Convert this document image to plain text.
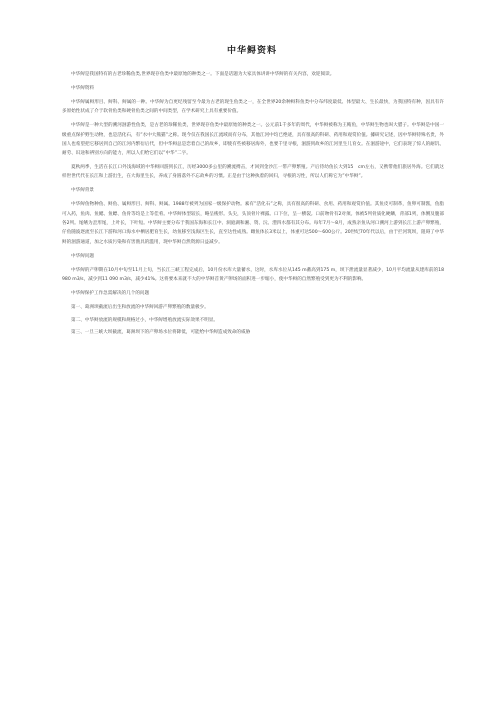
中华鲟资料

中华鲟是我国特有的古老珍稀鱼类,世界现存鱼类中最原始的种类之一。下面是话题为大家具体讲讲中华鲟的有关内容，欢迎阅读。

中华鲟资料

中华鲟属鲟形目、鲟科、鲟属的一种。中华鲟为自更纪残留至今最为古老的现生鱼类之一，在全世界20余种鲟科鱼类中分布纬度最低、体型最大、生长最快，为我国特有种，因具有许多原始性状成了介于软骨鱼类和硬骨鱼类之间的中间类型，在学术研究上具有重要价值。

中华鲟是一种大型的溯河洄游性鱼类，是古老的珍稀鱼类，世界现存鱼类中最原始的种类之一。公元前1千多年的周代，中华鲟被称为王鲔鱼，中华鲟生物也叫大腊子。中华鲟是中国一级重点保护野生动物，也是活化石，有”水中大熊猫”之称。现今仅在我国长江流域而有分布，其他江河中均已绝迹，具有很高的科研、药用和观赏价值。據研究记述，因中华鲟特殊名贵，外国人也希望把它移居到自己的江河内繁衍后代，但中华鲟总是恋着自己的故乡，即使有些被移居海外，也要千里寻根，洄游到故乡的江河里生儿育女。在洄游途中，它们表现了惊人的耐饥、耐劳、识途和辨别方向的能力，所以人们给它们以”中华”二字。

夏秋两季，生活在长江口外浅海域的中华鲟回游到长江，历经3000多公里的溯流搏击，才回到金沙江一带产卵繁殖。产后待幼鱼长大到15　cm左右，又携带他们旅居外海。它们就这样世世代代在长江和上游出生，在大海里生长，养成了身圆落外不忘故乡的习惯。正是由于这种执着的回归，寻根的习性，所以人们称它为”中华鲟”。

中华鲟背景

中华鲟鱼物种鱼、鲟鱼、属鲟形目、鲟科、鲟属。1988年被列为国家一级保护动物。素有”活化石”之称，具有很高的科研、食用、药用和观赏价值。其鱼皮可制革，鱼卵可制酱，鱼脂可入药，鱼肉、鱼鳃、鱼鳔、鱼骨等均是上等佳肴。中华鲟体型较长，略呈梭形。头尖，头顶骨片裸露。口下位，呈一横裂。口前吻骨有2对须。体被5列骨质化硬鳞，背部1列，体侧及腹部各2列。尾鳍为歪形尾，上叶长，下叶短。中华鲟主要分布于我国东海和长江中、洞庭湖和湘、资、沅、澧四水都有其分布。每年7月～8月，成熟亲鱼从河口溯河上游到长江上游产卵繁殖，仔鱼随波逐流至长江下游和河口海水中栖居肥育生长，幼鱼移至浅海区生长，直至达性成熟。雌鱼体长3米以上，体重可达500～600公斤。20世纪70年代以后，由于拦河筑坝，阻碍了中华鲟的洄游通道，加之水质污染和有害渔具的滥用，现中华鲟自然资源日益减少。

中华鲟问题

中华鲟的产卵期在10月中旬至11月上旬，当长江三峡工程完成后，10月份水库大量蓄水，这时，水库水位从145 m蓄高到175 m，坝下泄流量显著减少，10月平均流量从建库前的18 980 m3/s，减少到11 090 m3/s，减少41%。这将要本来就不大的中华鲟首黄产卵场的面积进一步缩小，使中华鲟的自然繁殖受到更为不利的影响。

中华鲟保护工作急需解决的几个的问题

第一、葛洲坝截流后出生和放流的中华鲟回游产卵繁殖的数量极少。

第二、中华鲟放流的规模和规格过小，中华鲟增殖放流实际效果不明显。

第三、一旦三峡大坝截流，葛洲坝下的产卵场水位将降低，可能给中华鲟造成致命的威胁
